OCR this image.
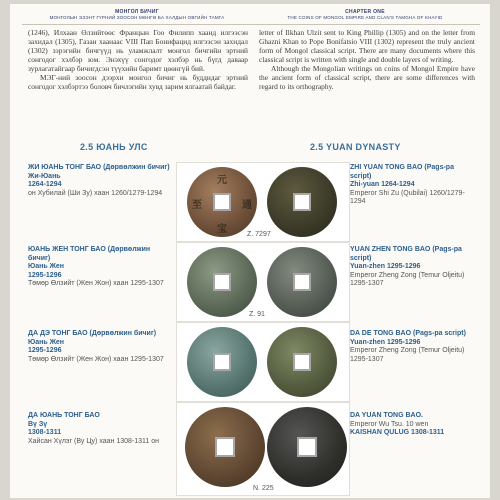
МОНГОЛ БИЧИГ
МОНГОЛЫН ЭЗЭНТ ГҮРНИЙ ЗООСОН МӨНГӨ БА ХАЛДЫН ОВГИЙН ТАМГА
CHAPTER ONE
THE COINS OF MONGOL EMPIRE AND CLAN'S TAMGHA OF KHAYID

(1246), Илхаан Өлзийтөөс Францын Гоо Филипп хаанд илгээсэн захидал (1305), Газан хаанаас VIII Пап Бонифацид илгээсэн захидал (1302) зэрэгийн бичгүүд нь уламжлалт монгол бичгийн эртний сонгодог хэлбэр юм. Энэхүү сонгодог хэлбэр нь бүгд даваар зурлагатайгаар бичигдсэн түүхийн баримт цөөнгүй бий.

МЭГ-ний зоосон дээрхи монгол бичиг нь буддидаг эртний сонгодог хэлбэртээ боловч бичлэгийн хувд зарим ялгаатай байдаг.

letter of Ilkhan Ulzit sent to King Phillip (1305) and on the letter from Ghazni Khan to Pope Bonifatsio VIII (1302) represent the truly ancient form of Mongol classical script. There are many documents where this classical script is written with single and double layers of writing.

Although the Mongolian writings on coins of Mongol Empire have the ancient form of classical script, there are some differences with regard to its orthography.

2.5 ЮАНЬ УЛС	2.5 YUAN DYNASTY
ЖИ ЮАНЬ ТОНГ БАО (Дөрвөлжин бичиг)
Жи-Юань
1264-1294
он Хубилай (Ши Зу) хаан 1260/1279-1294
元
宝
至	通
Z. 7297
ZHI YUAN TONG BAO (Pags-pa script)
Zhi-yuan 1264-1294
Emperor Shi Zu (Qubilai) 1260/1279-1294
ЮАНЬ ЖЕН ТОНГ БАО (Дөрвөлжин бичиг)
Юань Жен
1295-1296
Төмөр Өлзийт (Жен Жон) хаан 1295-1307
Z. 91
YUAN ZHEN TONG BAO (Pags-pa script)
Yuan-zhen 1295-1296
Emperor Zheng Zong (Temur Oljeitu) 1295-1307
ДА ДЭ ТОНГ БАО (Дөрвөлжин бичиг)
Юань Жен
1295-1296
Төмөр Өлзийт (Жен Жон) хаан 1295-1307
DA DE TONG BAO (Pags-pa script)
Yuan-zhen 1295-1296
Emperor Zheng Zong (Temur Oljeitu) 1295-1307
ДА ЮАНЬ ТОНГ БАО
Вү Зү
1308-1311
Хайсан Хүлэг (Ву Цу) хаан 1308-1311 он
N. 225
DA YUAN TONG BAO.
Emperor Wu Tsu. 10 wen
KAISHAN QULUG 1308-1311
